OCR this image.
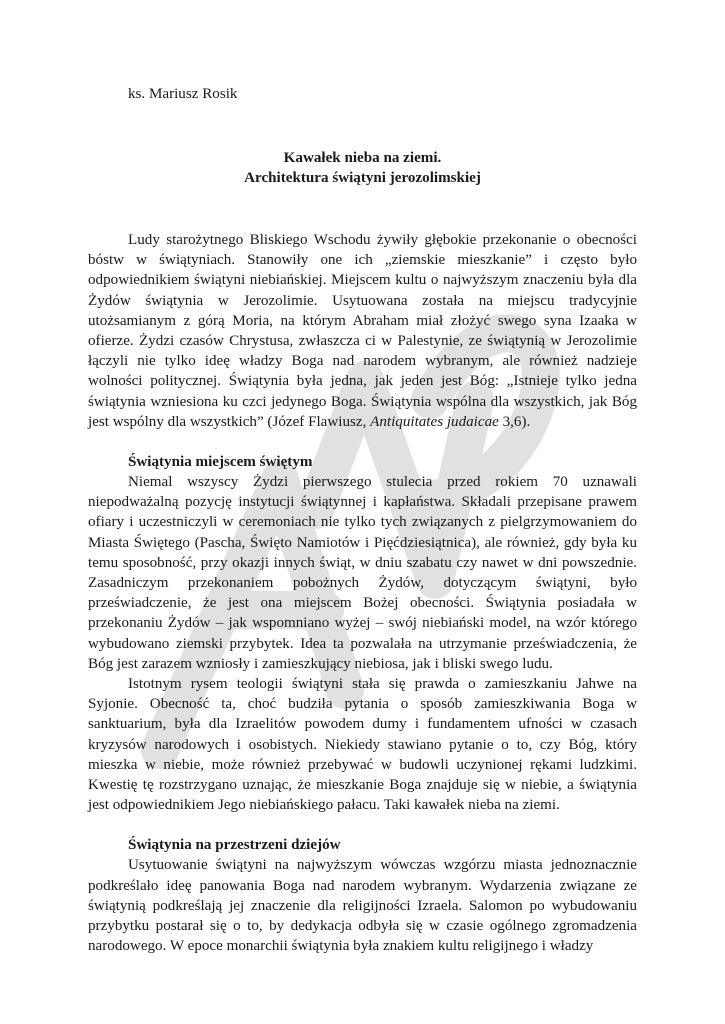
ks. Mariusz Rosik

Kawałek nieba na ziemi.
Architektura świątyni jerozolimskiej

Ludy starożytnego Bliskiego Wschodu żywiły głębokie przekonanie o obecności bóstw w świątyniach. Stanowiły one ich „ziemskie mieszkanie” i często było odpowiednikiem świątyni niebiańskiej. Miejscem kultu o najwyższym znaczeniu była dla Żydów świątynia w Jerozolimie. Usytuowana została na miejscu tradycyjnie utożsamianym z górą Moria, na którym Abraham miał złożyć swego syna Izaaka w ofierze. Żydzi czasów Chrystusa, zwłaszcza ci w Palestynie, ze świątynią w Jerozolimie łączyli nie tylko ideę władzy Boga nad narodem wybranym, ale również nadzieje wolności politycznej. Świątynia była jedna, jak jeden jest Bóg: „Istnieje tylko jedna świątynia wzniesiona ku czci jedynego Boga. Świątynia wspólna dla wszystkich, jak Bóg jest wspólny dla wszystkich” (Józef Flawiusz, Antiquitates judaicae 3,6).

Świątynia miejscem świętym

Niemal wszyscy Żydzi pierwszego stulecia przed rokiem 70 uznawali niepodważalną pozycję instytucji świątynnej i kapłaństwa. Składali przepisane prawem ofiary i uczestniczyli w ceremoniach nie tylko tych związanych z pielgrzymowaniem do Miasta Świętego (Pascha, Święto Namiotów i Pięćdziesiątnica), ale również, gdy była ku temu sposobność, przy okazji innych świąt, w dniu szabatu czy nawet w dni powszednie. Zasadniczym przekonaniem pobożnych Żydów, dotyczącym świątyni, było przeświadczenie, że jest ona miejscem Bożej obecności. Świątynia posiadała w przekonaniu Żydów – jak wspomniano wyżej – swój niebiański model, na wzór którego wybudowano ziemski przybytek. Idea ta pozwalała na utrzymanie przeświadczenia, że Bóg jest zarazem wzniosły i zamieszkujący niebiosa, jak i bliski swego ludu.

Istotnym rysem teologii świątyni stała się prawda o zamieszkaniu Jahwe na Syjonie. Obecność ta, choć budziła pytania o sposób zamieszkiwania Boga w sanktuarium, była dla Izraelitów powodem dumy i fundamentem ufności w czasach kryzysów narodowych i osobistych. Niekiedy stawiano pytanie o to, czy Bóg, który mieszka w niebie, może również przebywać w budowli uczynionej rękami ludzkimi. Kwestię tę rozstrzygano uznając, że mieszkanie Boga znajduje się w niebie, a świątynia jest odpowiednikiem Jego niebiańskiego pałacu. Taki kawałek nieba na ziemi.

Świątynia na przestrzeni dziejów

Usytuowanie świątyni na najwyższym wówczas wzgórzu miasta jednoznacznie podkreślało ideę panowania Boga nad narodem wybranym. Wydarzenia związane ze świątynią podkreślają jej znaczenie dla religijności Izraela. Salomon po wybudowaniu przybytku postarał się o to, by dedykacja odbyła się w czasie ogólnego zgromadzenia narodowego. W epoce monarchii świątynia była znakiem kultu religijnego i władzy
